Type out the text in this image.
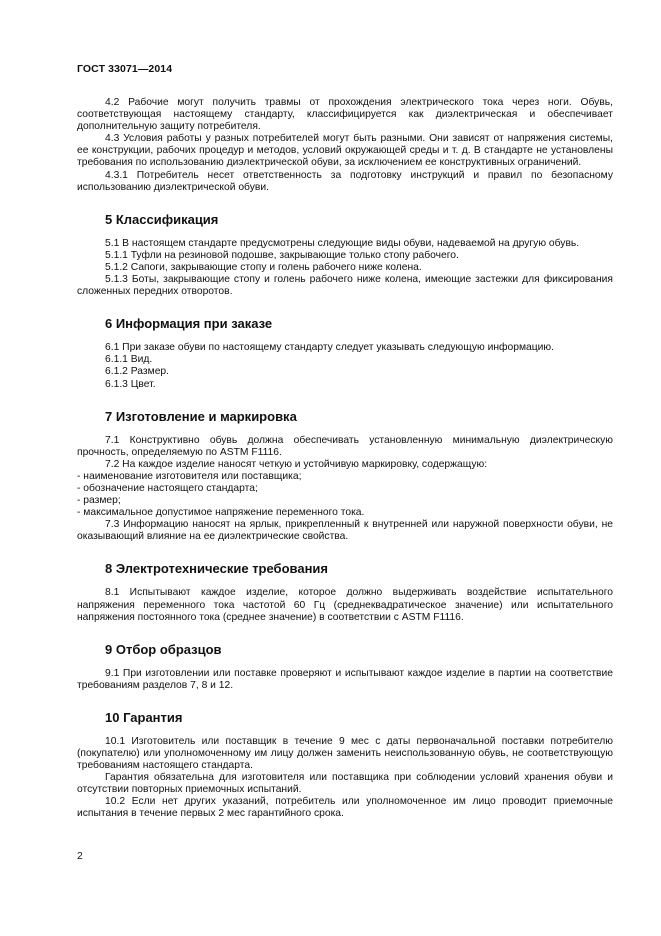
ГОСТ 33071—2014

4.2 Рабочие могут получить травмы от прохождения электрического тока через ноги. Обувь, соответствующая настоящему стандарту, классифицируется как диэлектрическая и обеспечивает дополнительную защиту потребителя.

4.3 Условия работы у разных потребителей могут быть разными. Они зависят от напряжения системы, ее конструкции, рабочих процедур и методов, условий окружающей среды и т. д. В стандарте не установлены требования по использованию диэлектрической обуви, за исключением ее конструктивных ограничений.

4.3.1 Потребитель несет ответственность за подготовку инструкций и правил по безопасному использованию диэлектрической обуви.

5 Классификация

5.1 В настоящем стандарте предусмотрены следующие виды обуви, надеваемой на другую обувь.

5.1.1 Туфли на резиновой подошве, закрывающие только стопу рабочего.

5.1.2 Сапоги, закрывающие стопу и голень рабочего ниже колена.

5.1.3 Боты, закрывающие стопу и голень рабочего ниже колена, имеющие застежки для фиксирования сложенных передних отворотов.

6 Информация при заказе

6.1 При заказе обуви по настоящему стандарту следует указывать следующую информацию.

6.1.1 Вид.

6.1.2 Размер.

6.1.3 Цвет.

7 Изготовление и маркировка

7.1 Конструктивно обувь должна обеспечивать установленную минимальную диэлектрическую прочность, определяемую по ASTM F1116.

7.2 На каждое изделие наносят четкую и устойчивую маркировку, содержащую:

- наименование изготовителя или поставщика;

- обозначение настоящего стандарта;

- размер;

- максимальное допустимое напряжение переменного тока.

7.3 Информацию наносят на ярлык, прикрепленный к внутренней или наружной поверхности обуви, не оказывающий влияние на ее диэлектрические свойства.

8 Электротехнические требования

8.1 Испытывают каждое изделие, которое должно выдерживать воздействие испытательного напряжения переменного тока частотой 60 Гц (среднеквадратическое значение) или испытательного напряжения постоянного тока (среднее значение) в соответствии с ASTM F1116.

9 Отбор образцов

9.1 При изготовлении или поставке проверяют и испытывают каждое изделие в партии на соответствие требованиям разделов 7, 8 и 12.

10 Гарантия

10.1 Изготовитель или поставщик в течение 9 мес с даты первоначальной поставки потребителю (покупателю) или уполномоченному им лицу должен заменить неиспользованную обувь, не соответствующую требованиям настоящего стандарта.

Гарантия обязательна для изготовителя или поставщика при соблюдении условий хранения обуви и отсутствии повторных приемочных испытаний.

10.2 Если нет других указаний, потребитель или уполномоченное им лицо проводит приемочные испытания в течение первых 2 мес гарантийного срока.

2
